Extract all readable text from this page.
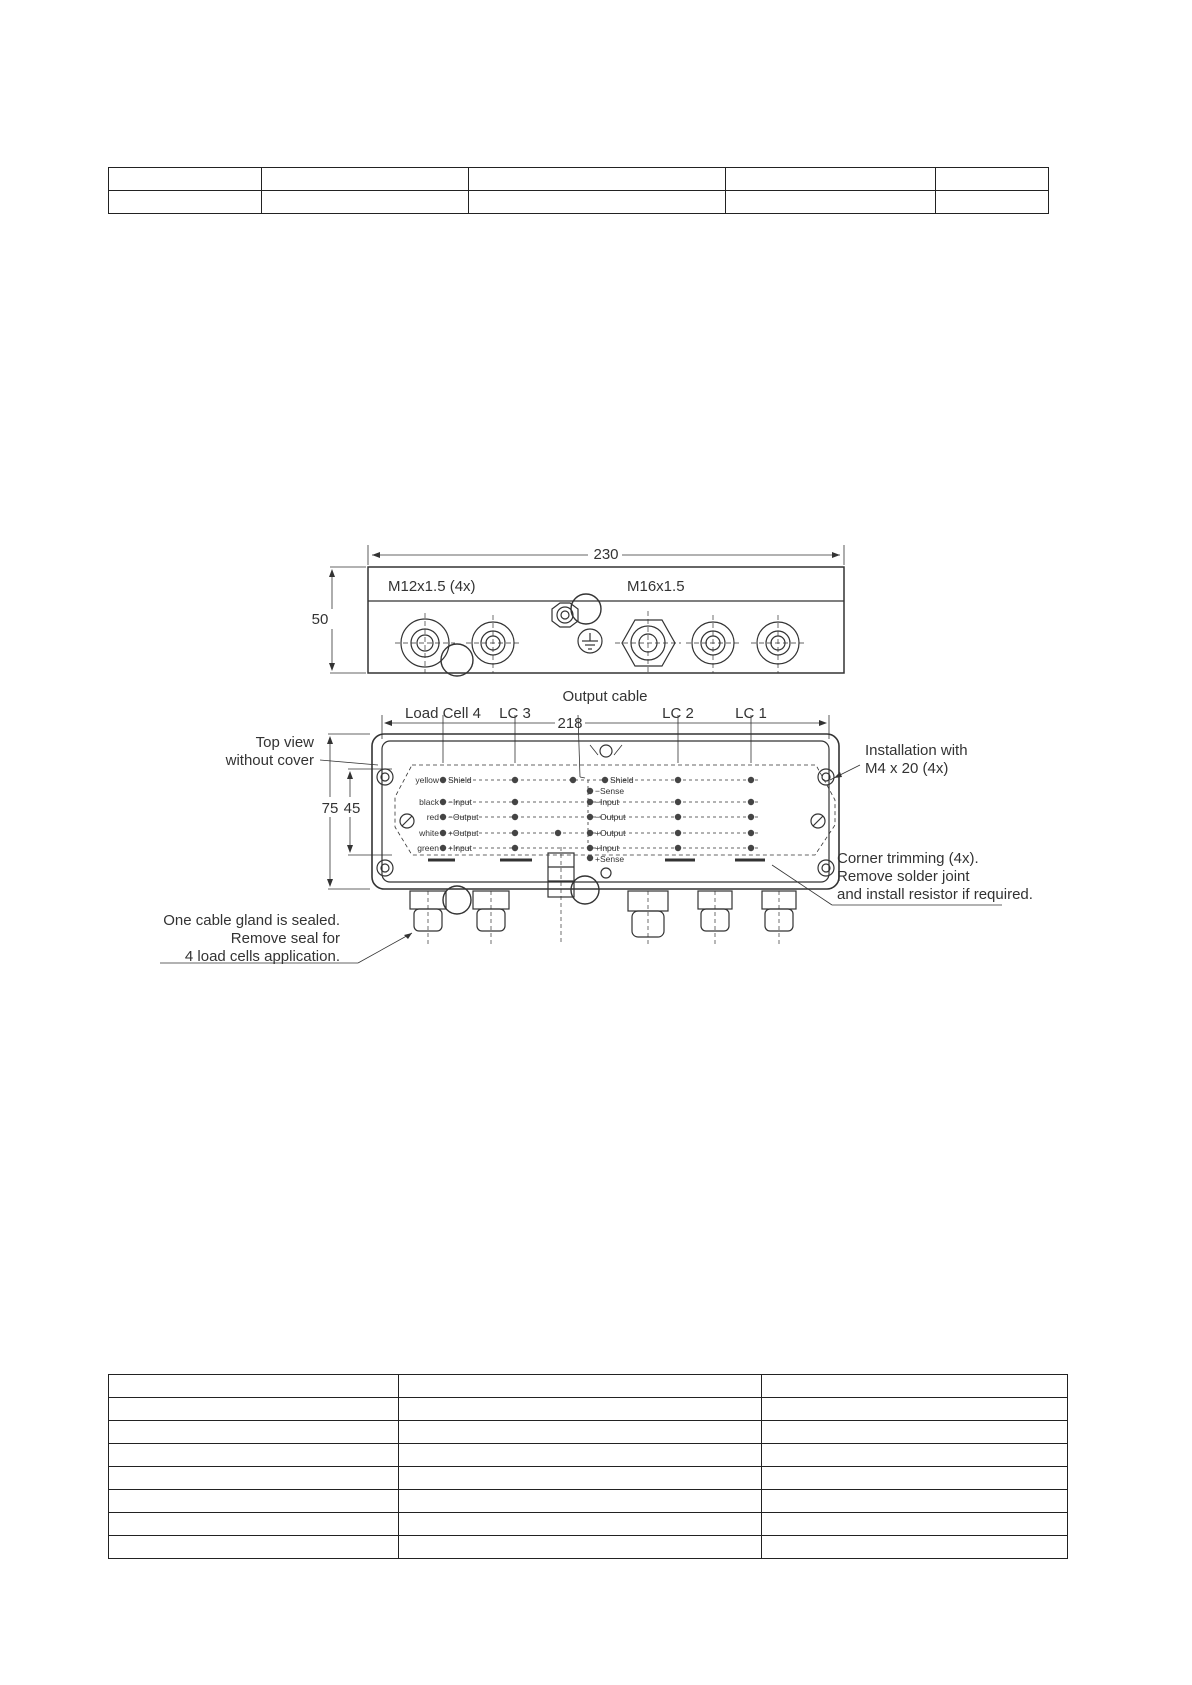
230
50
M12x1.5 (4x)	M16x1.5
Output cable
Load Cell 4 LC 3	LC 2	LC 1
218
75 45
Top view
without cover
Installation with
M4 x 20 (4x)
Corner trimming (4x).
Remove solder joint
and install resistor if required.
One cable gland is sealed.
Remove seal for
4 load cells application.
yellow
black
red
white
green
Shield
−Input
−Output
+Output
+Input
Shield
−Sense
−Input
−Output
+Output
+Input
+Sense
